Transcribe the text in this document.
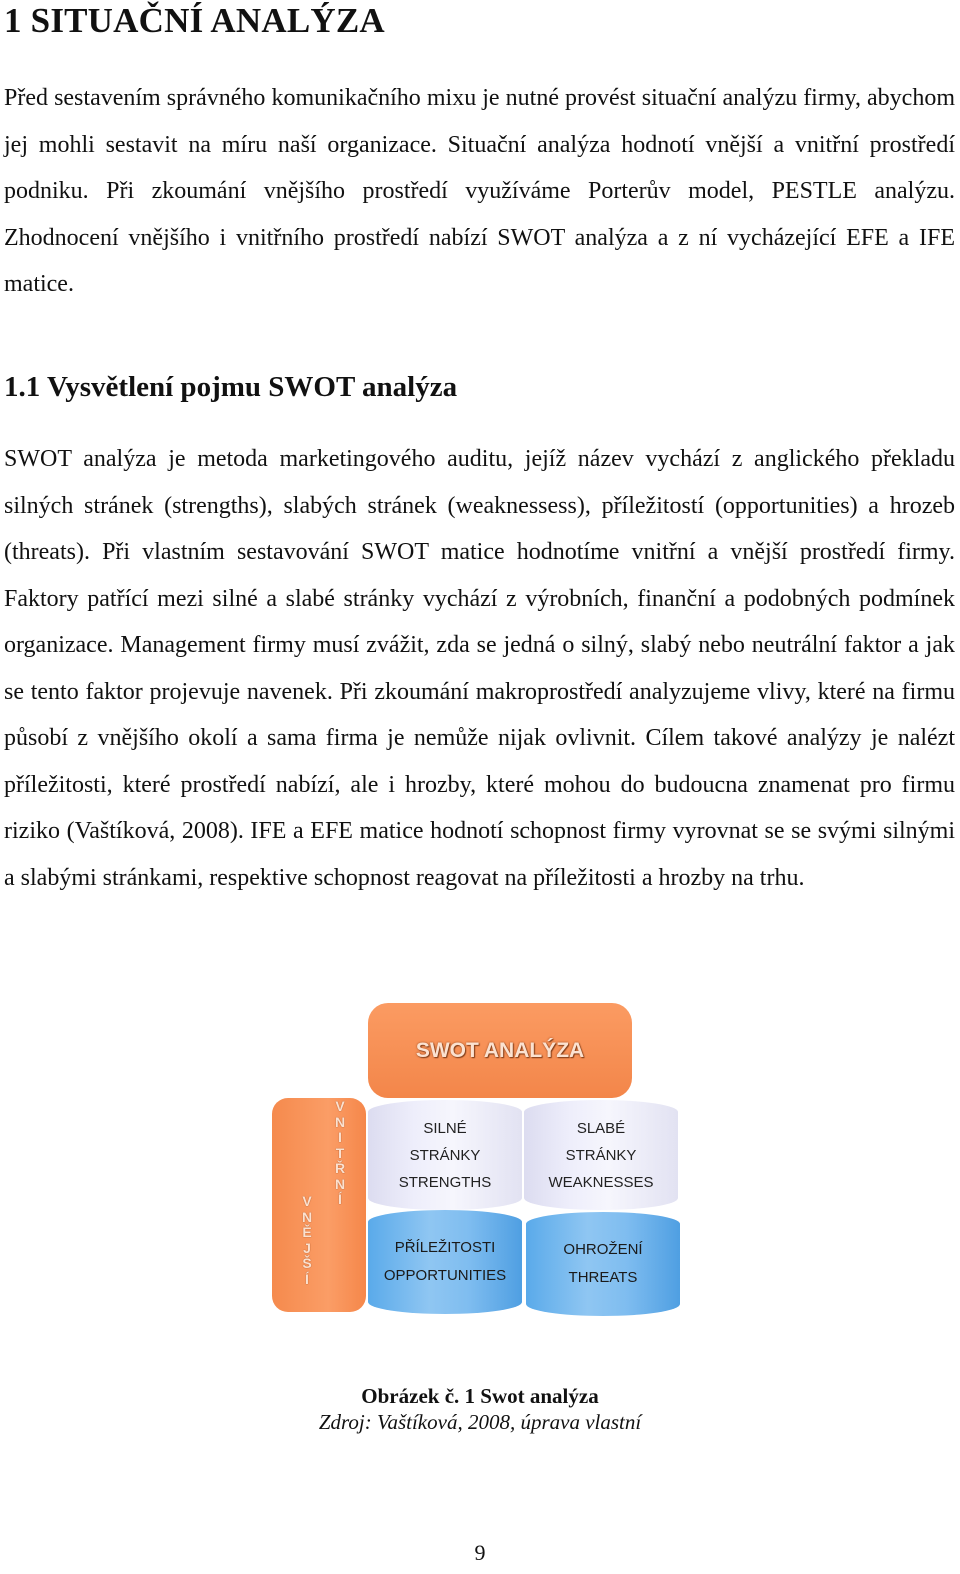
1 SITUAČNÍ ANALÝZA

Před sestavením správného komunikačního mixu je nutné provést situační analýzu firmy, abychom jej mohli sestavit na míru naší organizace. Situační analýza hodnotí vnější a vnitřní prostředí podniku. Při zkoumání vnějšího prostředí využíváme Porterův model, PESTLE analýzu. Zhodnocení vnějšího i vnitřního prostředí nabízí SWOT analýza a z ní vycházející EFE a IFE matice.

1.1 Vysvětlení pojmu SWOT analýza

SWOT analýza je metoda marketingového auditu, jejíž název vychází z anglického překladu silných stránek (strengths), slabých stránek (weaknessess), příležitostí (opportunities) a hrozeb (threats). Při vlastním sestavování SWOT matice hodnotíme vnitřní a vnější prostředí firmy. Faktory patřící mezi silné a slabé stránky vychází z výrobních, finanční a podobných podmínek organizace. Management firmy musí zvážit, zda se jedná o silný, slabý nebo neutrální faktor a jak se tento faktor projevuje navenek. Při zkoumání makroprostředí analyzujeme vlivy, které na firmu působí z vnějšího okolí a sama firma je nemůže nijak ovlivnit. Cílem takové analýzy je nalézt příležitosti, které prostředí nabízí, ale i hrozby, které mohou do budoucna znamenat pro firmu riziko (Vaštíková, 2008). IFE a EFE matice hodnotí schopnost firmy vyrovnat se se svými silnými a slabými stránkami, respektive schopnost reagovat na příležitosti a hrozby na trhu.

SWOT ANALÝZA
V
N
Ě
J
Š
Í
V
N
I
T
Ř
N
Í
SILNÉ
STRÁNKY
STRENGTHS
SLABÉ
STRÁNKY
WEAKNESSES
PŘÍLEŽITOSTI
OPPORTUNITIES
OHROŽENÍ
THREATS

Obrázek č. 1 Swot analýza

Zdroj: Vaštíková, 2008, úprava vlastní

9
